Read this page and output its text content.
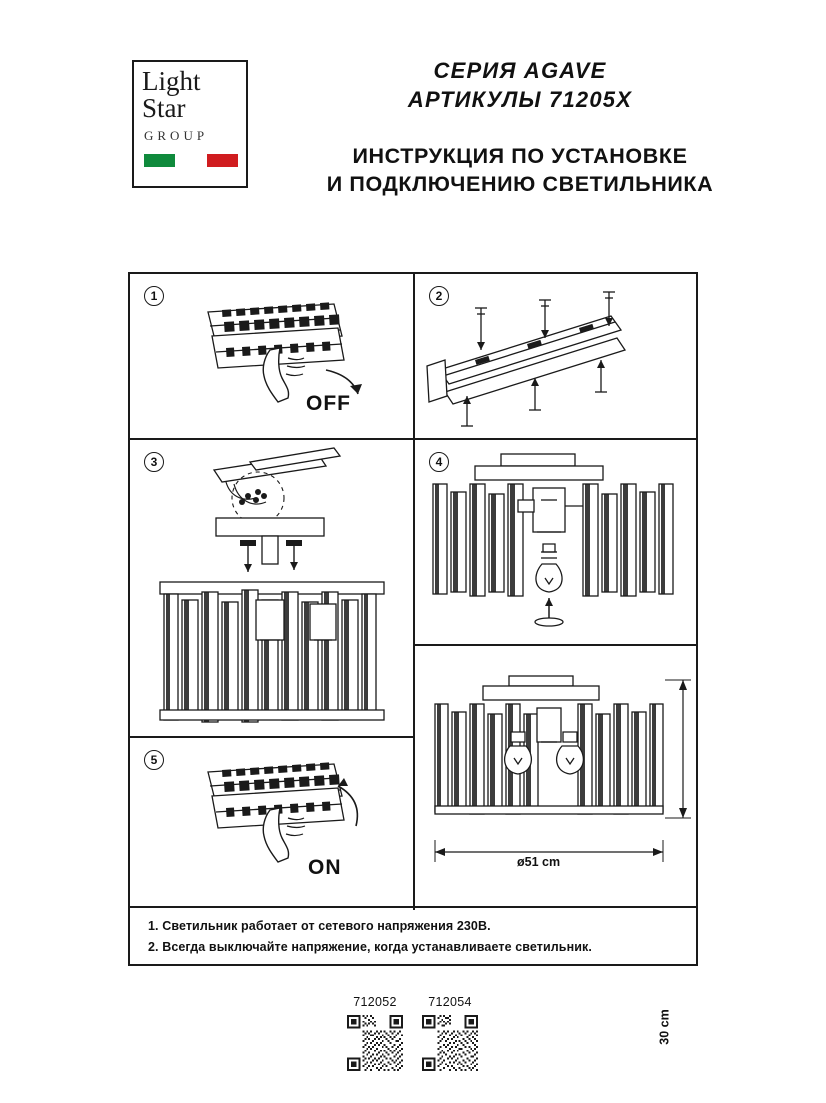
Light
Star
GROUP
СЕРИЯ AGAVE
АРТИКУЛЫ 71205X
ИНСТРУКЦИЯ ПО УСТАНОВКЕ
И ПОДКЛЮЧЕНИЮ СВЕТИЛЬНИКА
1
OFF
2
3	4
5
ON
30 cm
ø51 cm
1. Светильник работает от сетевого напряжения 230В.
2. Всегда выключайте напряжение, когда устанавливаете светильник.
712052	712054
